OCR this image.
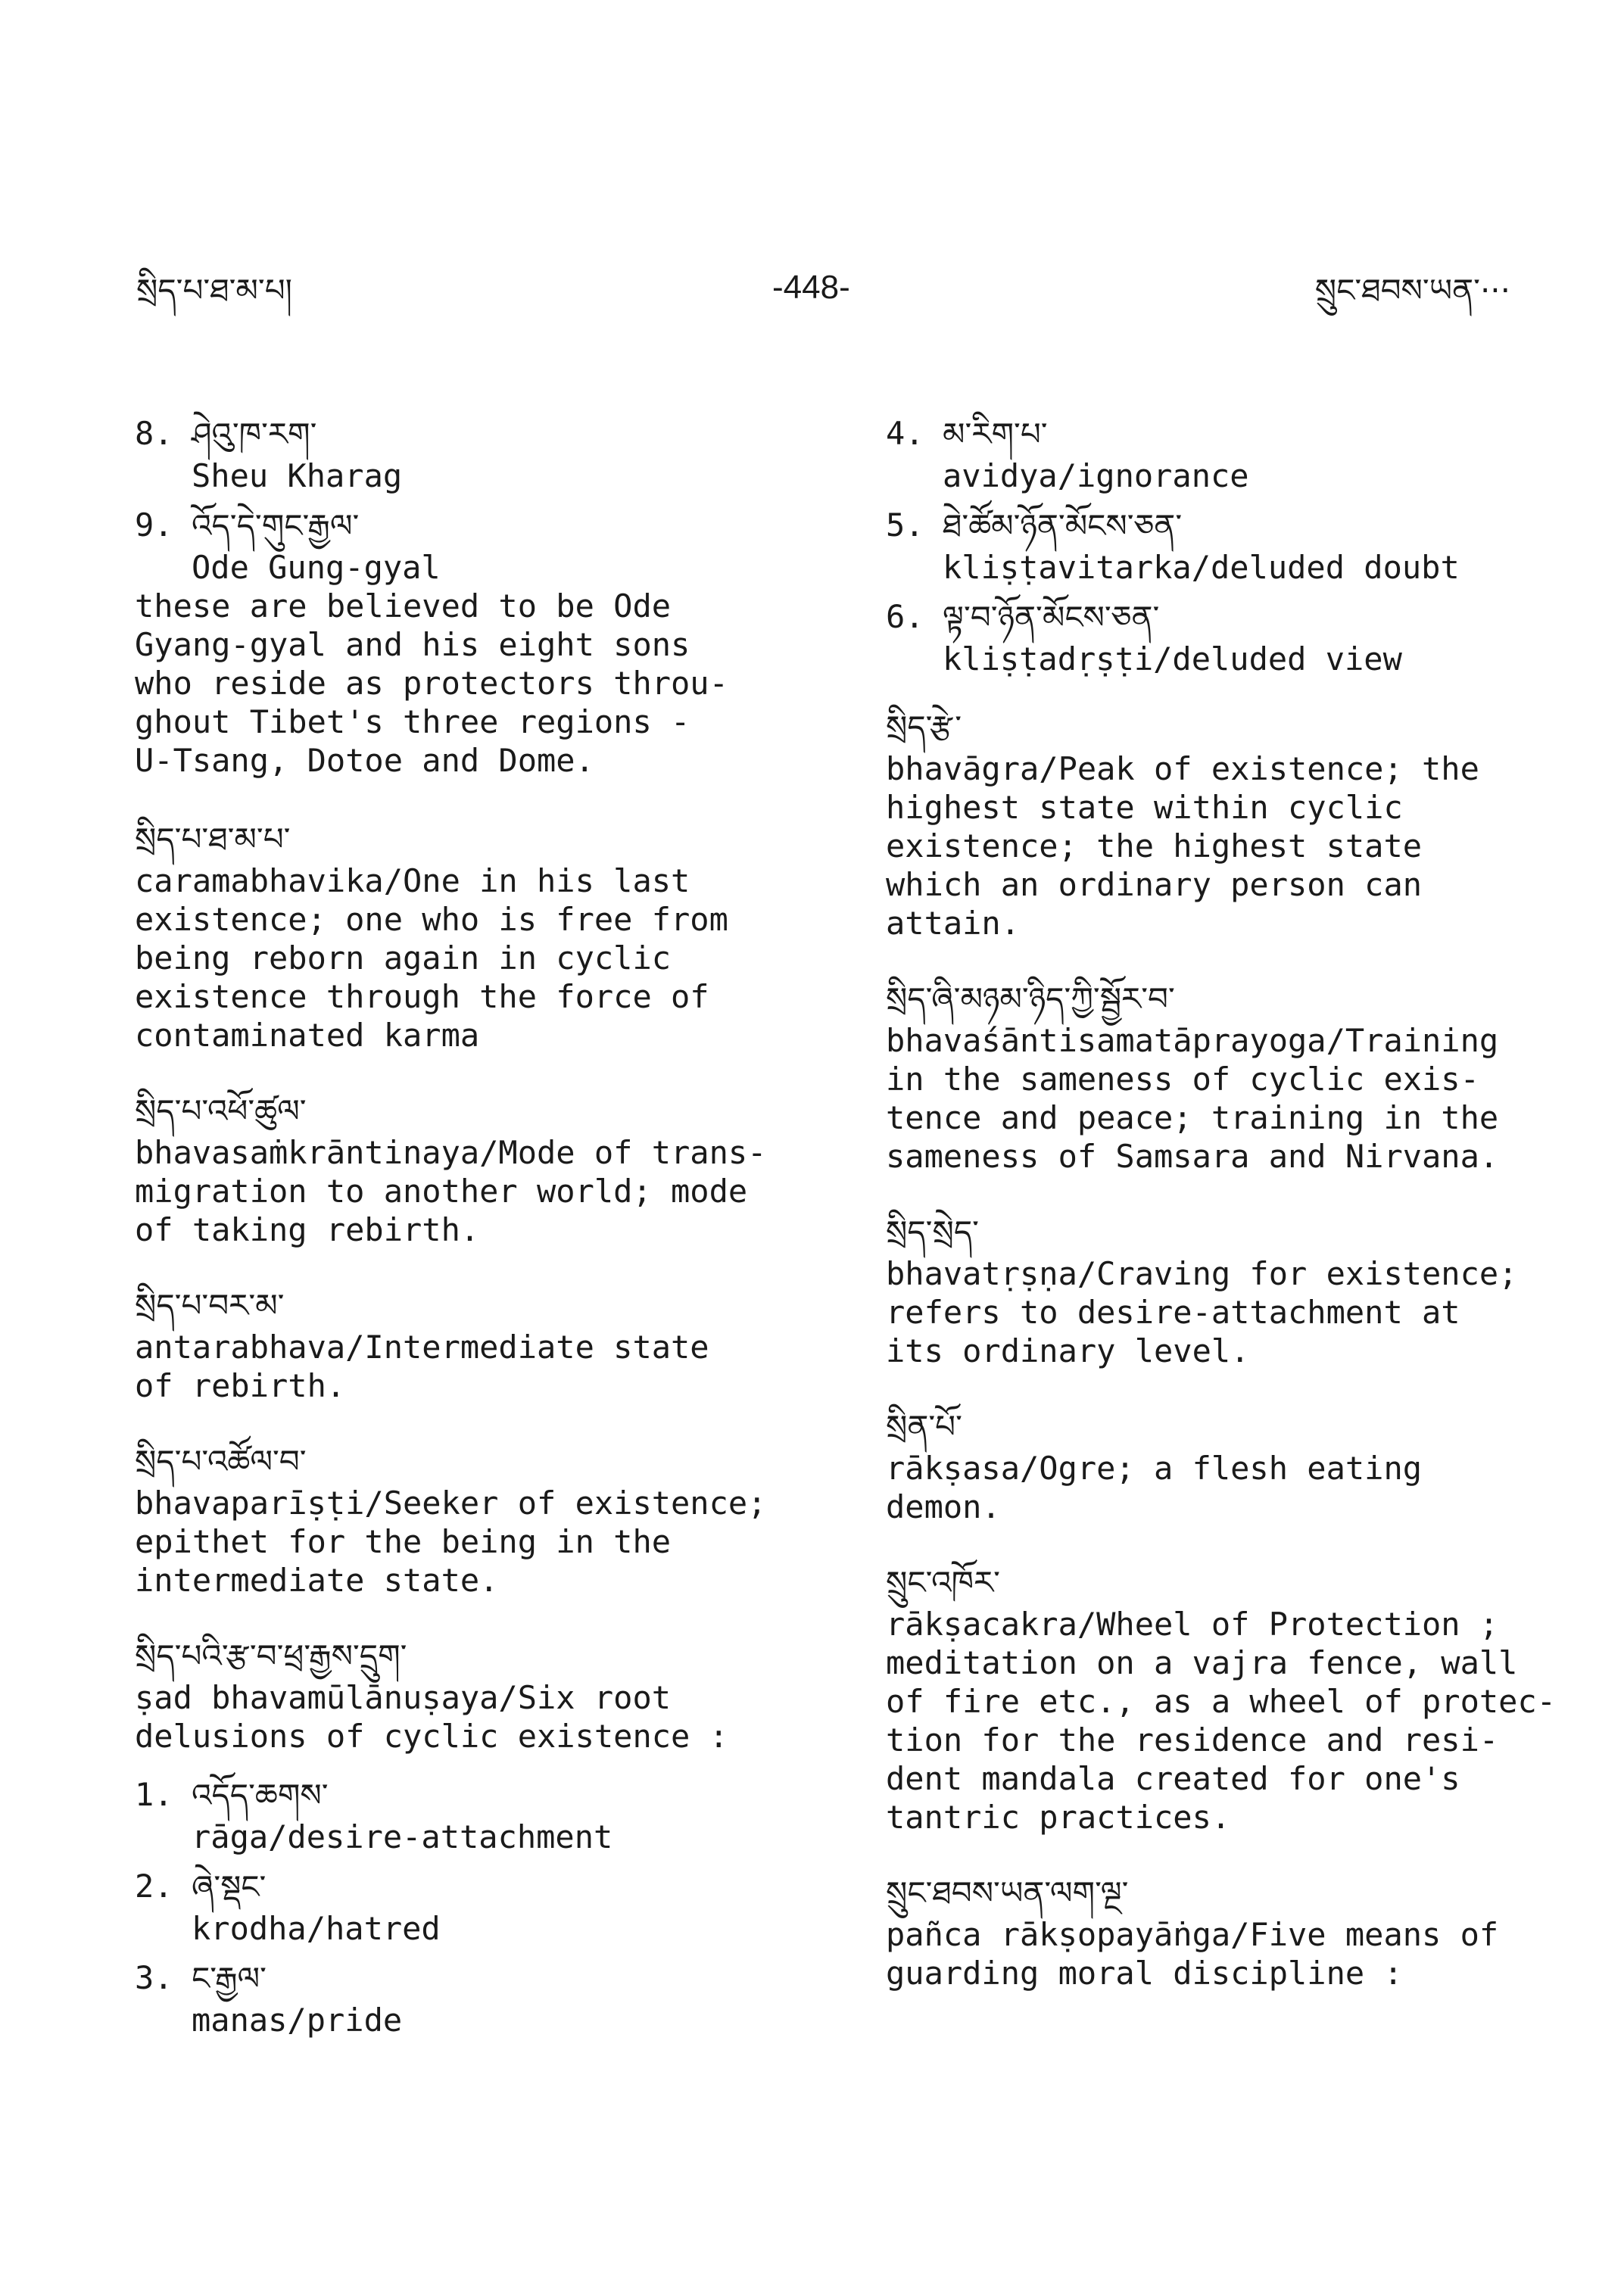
སྲིད་པ་ཐ་མ་པ།	-448-	སྲུང་ཐབས་ཡན་···
8. ཤེའུ་ཁ་རག་
Sheu Kharag
9. འོད་དེ་གུང་རྒྱལ་
Ode Gung-gyal
these are believed to be Ode
Gyang-gyal and his eight sons
who reside as protectors throu-
ghout Tibet's three regions -
U-Tsang, Dotoe and Dome.
སྲིད་པ་ཐ་མ་པ་
caramabhavika/One in his last
existence; one who is free from
being reborn again in cyclic
existence through the force of
contaminated karma
སྲིད་པ་འཕོ་ཚུལ་
bhavasaṁkrāntinaya/Mode of trans-
migration to another world; mode
of taking rebirth.
སྲིད་པ་བར་མ་
antarabhava/Intermediate state
of rebirth.
སྲིད་པ་འཚོལ་བ་
bhavaparīṣṭi/Seeker of existence;
epithet for the being in the
intermediate state.
སྲིད་པའི་རྩ་བ་ཕྲ་རྒྱས་དྲུག་
ṣad bhavamūlānuṣaya/Six root
delusions of cyclic existence :
1. འདོད་ཆགས་
rāga/desire-attachment
2. ཞེ་སྡང་
krodha/hatred
3. ང་རྒྱལ་
manas/pride
4. མ་རིག་པ་
avidya/ignorance
5. ཐེ་ཚོམ་ཉོན་མོངས་ཅན་
kliṣṭavitarka/deluded doubt
6. ལྟ་བ་ཉོན་མོངས་ཅན་
kliṣṭadṛṣṭi/deluded view
སྲིད་རྩེ་
bhavāgra/Peak of existence; the
highest state within cyclic
existence; the highest state
which an ordinary person can
attain.
སྲིད་ཞི་མཉམ་ཉིད་ཀྱི་སྦྱོར་བ་
bhavaśāntisamatāprayoga/Training
in the sameness of cyclic exis-
tence and peace; training in the
sameness of Samsara and Nirvana.
སྲིད་སྲེད་
bhavatṛṣṇa/Craving for existence;
refers to desire-attachment at
its ordinary level.
སྲིན་པོ་
rākṣasa/Ogre; a flesh eating
demon.
སྲུང་འཁོར་
rākṣacakra/Wheel of Protection ;
meditation on a vajra fence, wall
of fire etc., as a wheel of protec-
tion for the residence and resi-
dent mandala created for one's
tantric practices.
སྲུང་ཐབས་ཡན་ལག་ལྔ་
pañca rākṣopayāṅga/Five means of
guarding moral discipline :
